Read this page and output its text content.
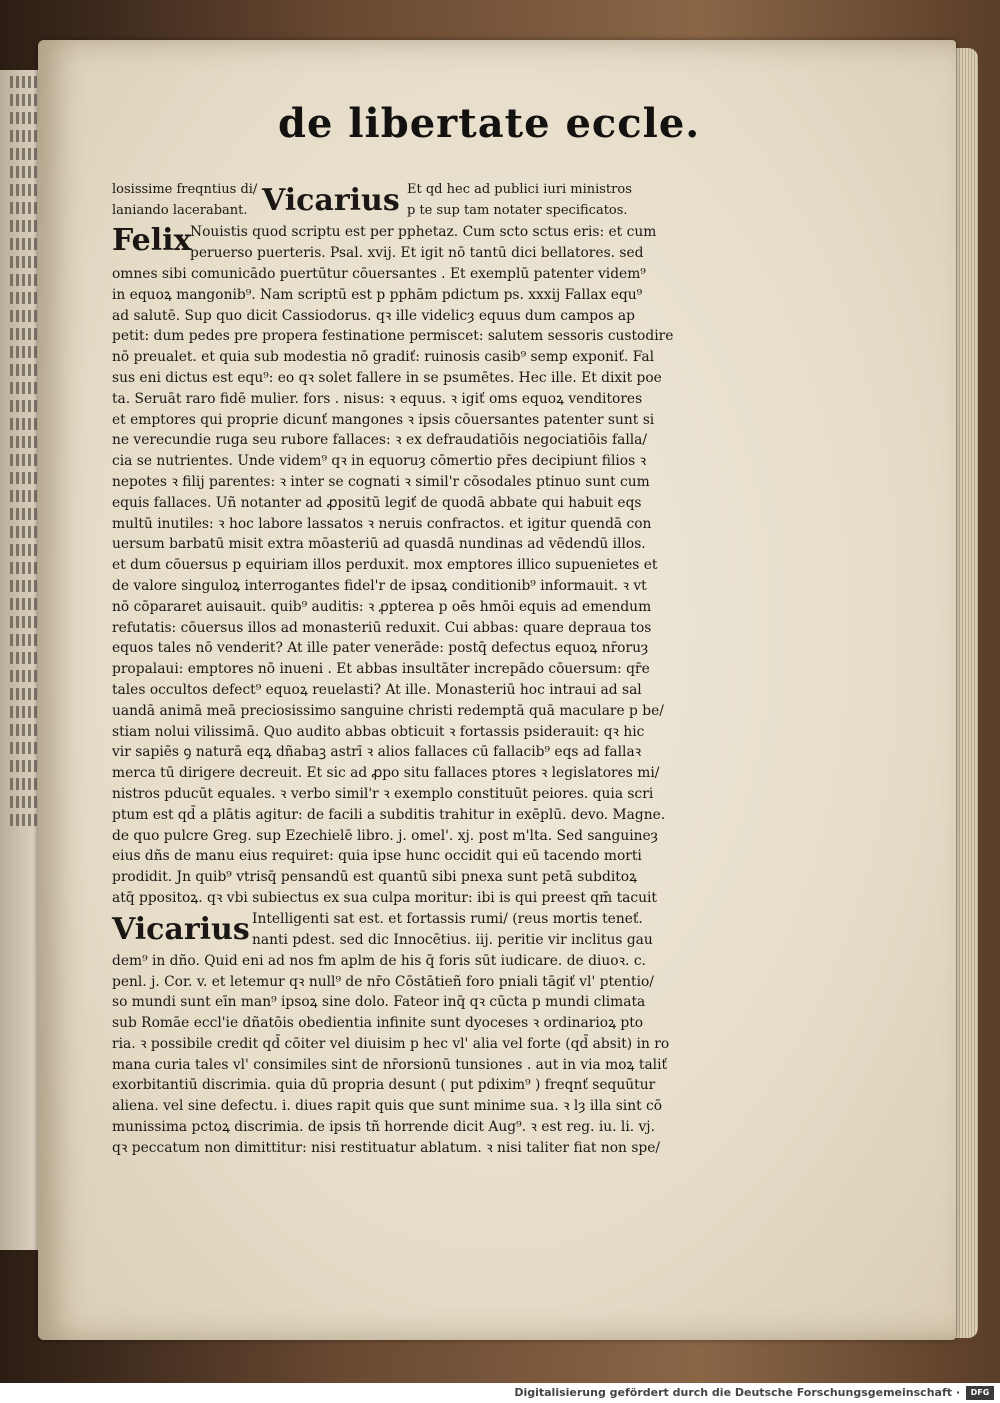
de libertate eccle.
losissime freqntius di/
laniando lacerabant. Vicarius Et qd hec ad publici iuri ministros
p te sup tam notater specificatos.
Felix
Nouistis quod scriptu est per pphetaz. Cum scto sctus eris: et cum
peruerso puerteris. Psal. xvij. Et igit nō tantū dici bellatores. sed
omnes sibi comunicādo puertūtur cōuersantes . Et exemplū patenter videm⁹
in equoꝝ mangonib⁹. Nam scriptū est p pphām pdictum ps. xxxij Fallax equ⁹
ad salutē. Sup quo dicit Cassiodorus. qꝛ ille videlicȝ equus dum campos ap
petit: dum pedes pre propera festinatione permiscet: salutem sessoris custodire
nō preualet. et quia sub modestia nō gradiť: ruinosis casib⁹ semp exponiť. Fal
sus eni dictus est equ⁹: eo qꝛ solet fallere in se psumētes. Hec ille. Et dixit poe
ta. Seruāt raro fidē mulier. fors . nisus: ꝛ equus. ꝛ igiť oms equoꝝ venditores
et emptores qui proprie dicunť mangones ꝛ ipsis cōuersantes patenter sunt si
ne verecundie ruga seu rubore fallaces: ꝛ ex defraudatiōis negociatiōis falla/
cia se nutrientes. Unde videm⁹ qꝛ in equoruȝ cōmertio pr̄es decipiunt filios ꝛ
nepotes ꝛ filij parentes: ꝛ inter se cognati ꝛ simil'r cōsodales ptinuo sunt cum
equis fallaces. Uñ notanter ad ꝓpositū legiť de quodā abbate qui habuit eqs
multū inutiles: ꝛ hoc labore lassatos ꝛ neruis confractos. et igitur quendā con
uersum barbatū misit extra mōasteriū ad quasdā nundinas ad vēdendū illos.
et dum cōuersus p equiriam illos perduxit. mox emptores illico supuenietes et
de valore singuloꝝ interrogantes fidel'r de ipsaꝝ conditionib⁹ informauit. ꝛ vt
nō cōpararet auisauit. quib⁹ auditis: ꝛ ꝓpterea p oēs hmōi equis ad emendum
refutatis: cōuersus illos ad monasteriū reduxit. Cui abbas: quare depraua tos
equos tales nō venderit? At ille pater venerāde: postq̄ defectus equoꝝ nr̄oruȝ
propalaui: emptores nō inueni . Et abbas insultāter increpādo cōuersum: qr̄e
tales occultos defect⁹ equoꝝ reuelasti? At ille. Monasteriū hoc intraui ad sal
uandā animā meā preciosissimo sanguine christi redemptā quā maculare p be/
stiam nolui vilissimā. Quo audito abbas obticuit ꝛ fortassis psiderauit: qꝛ hic
vir sapiēs ꝯ naturā eqꝝ dñabaꝫ astrī ꝛ alios fallaces cū fallacib⁹ eqs ad fallaꝛ
merca tū dirigere decreuit. Et sic ad ꝓpo situ fallaces ptores ꝛ legislatores mi/
nistros pducūt equales. ꝛ verbo simil'r ꝛ exemplo constituūt peiores. quia scri
ptum est qd̄ a plātis agitur: de facili a subditis trahitur in exēplū. devo. Magne.
de quo pulcre Greg. sup Ezechielē libro. j. omel'. xj. post m'lta. Sed sanguineȝ
eius dñs de manu eius requiret: quia ipse hunc occidit qui eū tacendo morti
prodidit. Jn quib⁹ vtrisq̄ pensandū est quantū sibi pnexa sunt petā subditoꝝ
atq̄ ppositoꝝ. qꝛ vbi subiectus ex sua culpa moritur: ibi is qui preest qm̄ tacuit
Vicarius Intelligenti sat est. et fortassis rumi/ (reus mortis teneť.
nanti pdest. sed dic Innocētius. iij. peritie vir inclitus gau
dem⁹ in dño. Quid eni ad nos fm aplm de his q̄ foris sūt iudicare. de diuoꝛ. c.
penl. j. Cor. v. et letemur qꝛ null⁹ de nr̄o Cōstātieñ foro pniali tāgiť vl' ptentio/
so mundi sunt eīn man⁹ ipsoꝝ sine dolo. Fateor inq̄ qꝛ cūcta p mundi climata
sub Romāe eccl'ie dñatōis obedientia infinite sunt dyoceses ꝛ ordinarioꝝ pto
ria. ꝛ possibile credit qd̄ cōiter vel diuisim p hec vl' alia vel forte (qd̄ absit) in ro
mana curia tales vl' consimiles sint de nr̄orsionū tunsiones . aut in via moꝝ taliť
exorbitantiū discrimia. quia dū propria desunt ( put pdixim⁹ ) freqnť sequūtur
aliena. vel sine defectu. i. diues rapit quis que sunt minime sua. ꝛ lȝ illa sint cō
munissima pctoꝝ discrimia. de ipsis tñ horrende dicit Aug⁹. ꝛ est reg. iu. li. vj.
qꝛ peccatum non dimittitur: nisi restituatur ablatum. ꝛ nisi taliter fiat non spe/
Digitalisierung gefördert durch die Deutsche Forschungsgemeinschaft ·	DFG
